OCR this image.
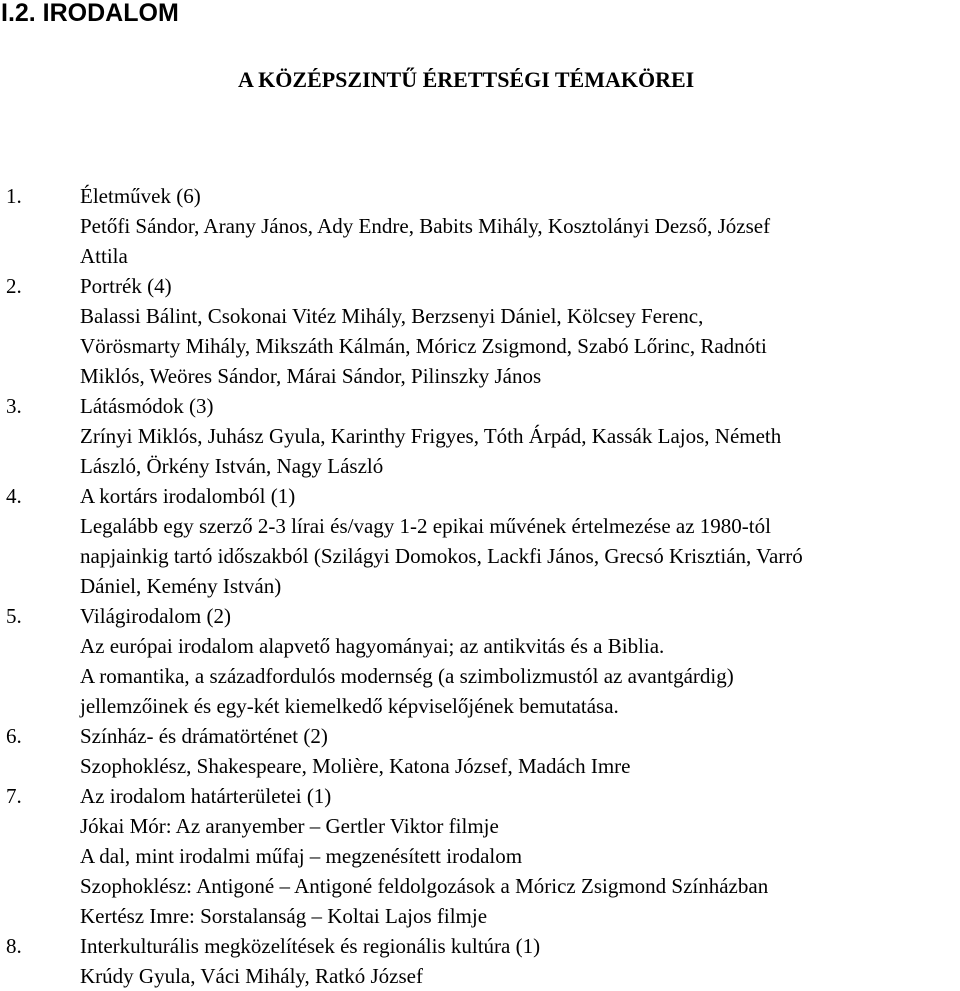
I.2. IRODALOM
A KÖZÉPSZINTŰ ÉRETTSÉGI TÉMAKÖREI
1.	Életművek (6)
Petőfi Sándor, Arany János, Ady Endre, Babits Mihály, Kosztolányi Dezső, József
Attila
2.	Portrék (4)
Balassi Bálint, Csokonai Vitéz Mihály, Berzsenyi Dániel, Kölcsey Ferenc,
Vörösmarty Mihály, Mikszáth Kálmán, Móricz Zsigmond, Szabó Lőrinc, Radnóti
Miklós, Weöres Sándor, Márai Sándor, Pilinszky János
3.	Látásmódok (3)
Zrínyi Miklós, Juhász Gyula, Karinthy Frigyes, Tóth Árpád, Kassák Lajos, Németh
László, Örkény István, Nagy László
4.	A kortárs irodalomból (1)
Legalább egy szerző 2-3 lírai és/vagy 1-2 epikai művének értelmezése az 1980-tól
napjainkig tartó időszakból (Szilágyi Domokos, Lackfi János, Grecsó Krisztián, Varró
Dániel, Kemény István)
5.	Világirodalom (2)
Az európai irodalom alapvető hagyományai; az antikvitás és a Biblia.
A romantika, a századfordulós modernség (a szimbolizmustól az avantgárdig)
jellemzőinek és egy-két kiemelkedő képviselőjének bemutatása.
6.	Színház- és drámatörténet (2)
Szophoklész, Shakespeare, Molière, Katona József, Madách Imre
7.	Az irodalom határterületei (1)
Jókai Mór: Az aranyember – Gertler Viktor filmje
A dal, mint irodalmi műfaj – megzenésített irodalom
Szophoklész: Antigoné – Antigoné feldolgozások a Móricz Zsigmond Színházban
Kertész Imre: Sorstalanság – Koltai Lajos filmje
8.	Interkulturális megközelítések és regionális kultúra (1)
Krúdy Gyula, Váci Mihály, Ratkó József
